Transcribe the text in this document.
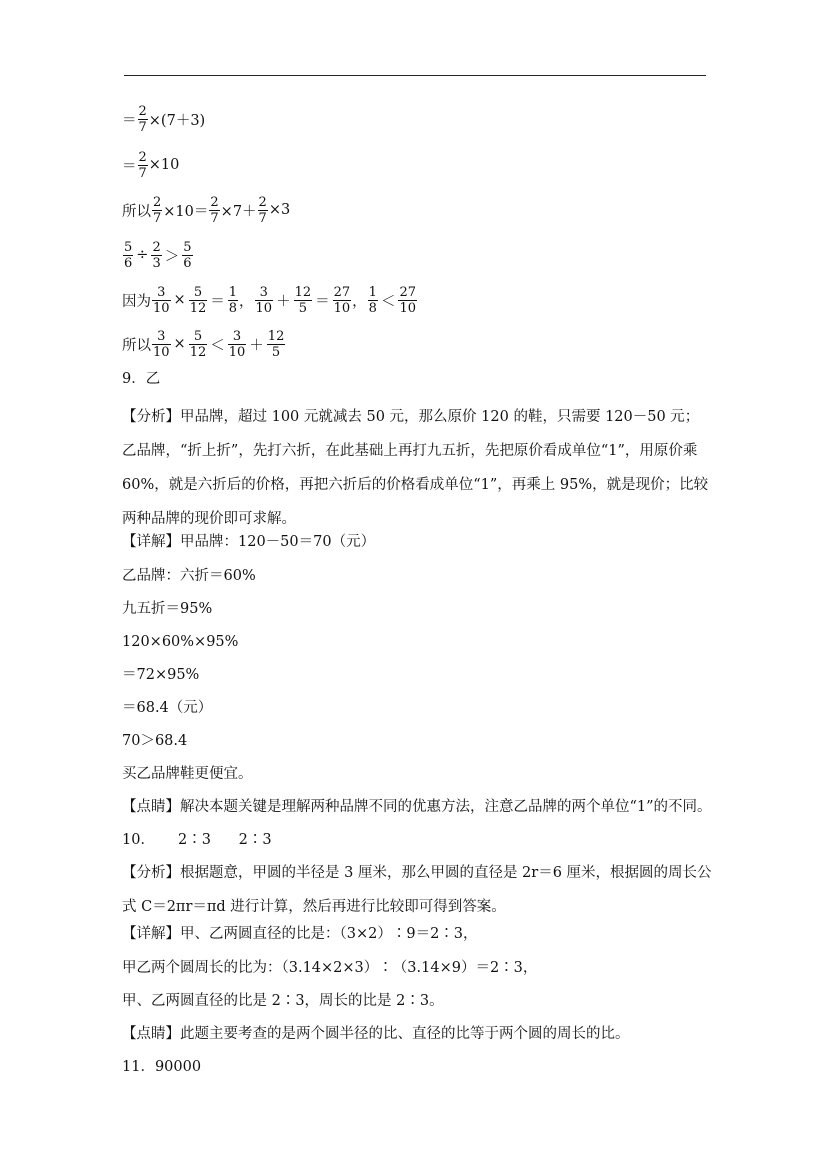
＝ $\frac{2}{7} \times(7+3)$
＝ $\frac{2}{7} \times 10$
所以 $\frac{2}{7} \times 10= \frac{2}{7} \times 7+ \frac{2}{7} \times 3$
$\frac{5}{6} \div \frac{2}{3} > \frac{5}{6}$
因为 $\frac{3}{10} \times \frac{5}{12} = \frac{1}{8}$ ， $\frac{3}{10} + \frac{12}{5} = \frac{27}{10}$ ， $\frac{1}{8} < \frac{27}{10}$
所以 $\frac{3}{10} \times \frac{5}{12} < \frac{3}{10} + \frac{12}{5}$
9．乙
【分析】甲品牌，超过 100 元就减去 50 元，那么原价 120 的鞋，只需要 120－50 元；乙品牌，“折上折”，先打六折，在此基础上再打九五折，先把原价看成单位“1”，用原价乘 60%，就是六折后的价格，再把六折后的价格看成单位“1”，再乘上 95%，就是现价；比较两种品牌的现价即可求解。
【详解】甲品牌：120－50＝70（元）
乙品牌：六折＝60%
九五折＝95%
120×60%×95%
＝72×95%
＝68.4（元）
70＞68.4
买乙品牌鞋更便宜。
【点睛】解决本题关键是理解两种品牌不同的优惠方法，注意乙品牌的两个单位“1”的不同。
10．     2∶3      2∶3
【分析】根据题意，甲圆的半径是 3 厘米，那么甲圆的直径是 2r＝6 厘米，根据圆的周长公式 C＝2πr＝πd 进行计算，然后再进行比较即可得到答案。
【详解】甲、乙两圆直径的比是：（3×2）∶9＝2∶3，
甲乙两个圆周长的比为：（3.14×2×3）∶（3.14×9）＝2∶3，
甲、乙两圆直径的比是 2∶3，周长的比是 2∶3。
【点睛】此题主要考查的是两个圆半径的比、直径的比等于两个圆的周长的比。
11．90000
